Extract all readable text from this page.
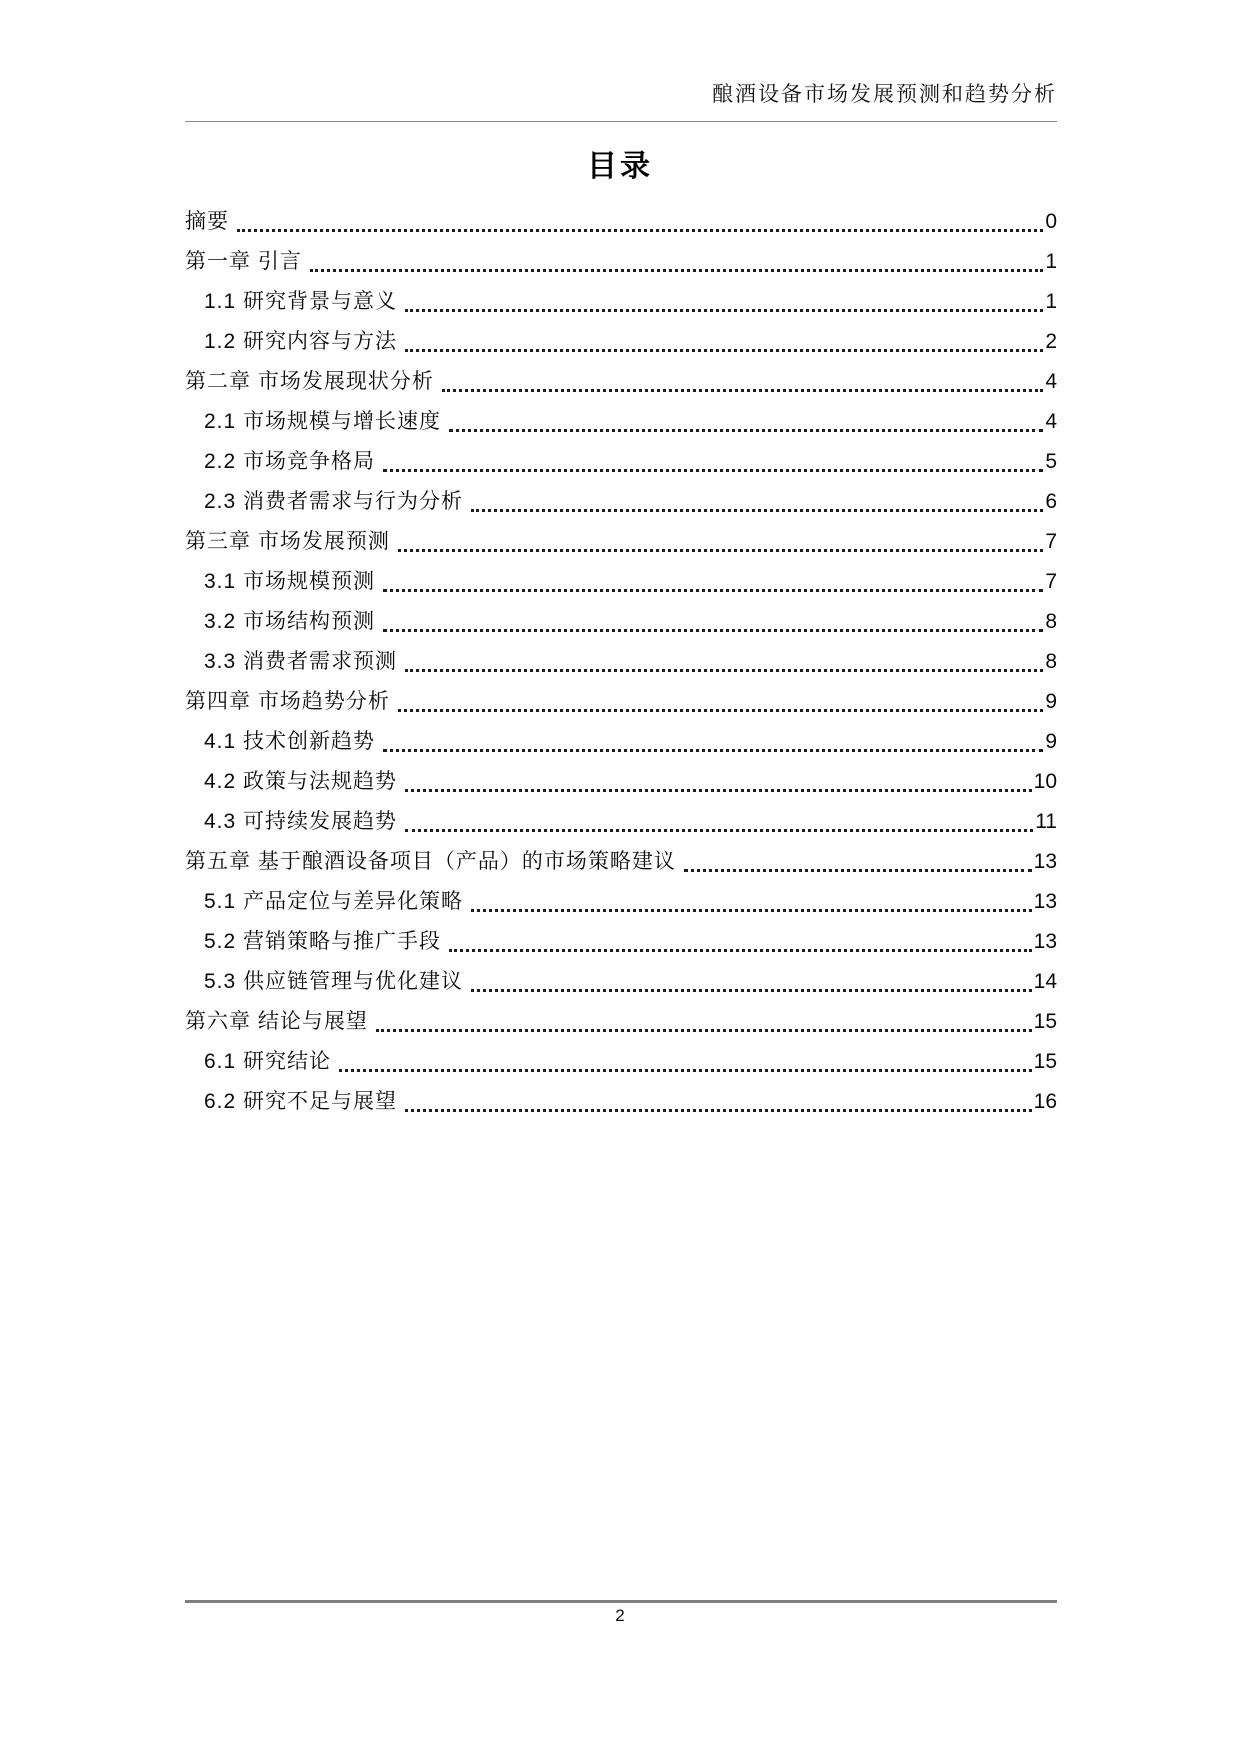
酿酒设备市场发展预测和趋势分析
目录
摘要	0
第一章 引言	1
1.1 研究背景与意义	1
1.2 研究内容与方法	2
第二章 市场发展现状分析	4
2.1 市场规模与增长速度	4
2.2 市场竞争格局	5
2.3 消费者需求与行为分析	6
第三章 市场发展预测	7
3.1 市场规模预测	7
3.2 市场结构预测	8
3.3 消费者需求预测	8
第四章 市场趋势分析	9
4.1 技术创新趋势	9
4.2 政策与法规趋势	10
4.3 可持续发展趋势	11
第五章 基于酿酒设备项目（产品）的市场策略建议	13
5.1 产品定位与差异化策略	13
5.2 营销策略与推广手段	13
5.3 供应链管理与优化建议	14
第六章 结论与展望	15
6.1 研究结论	15
6.2 研究不足与展望	16
2
